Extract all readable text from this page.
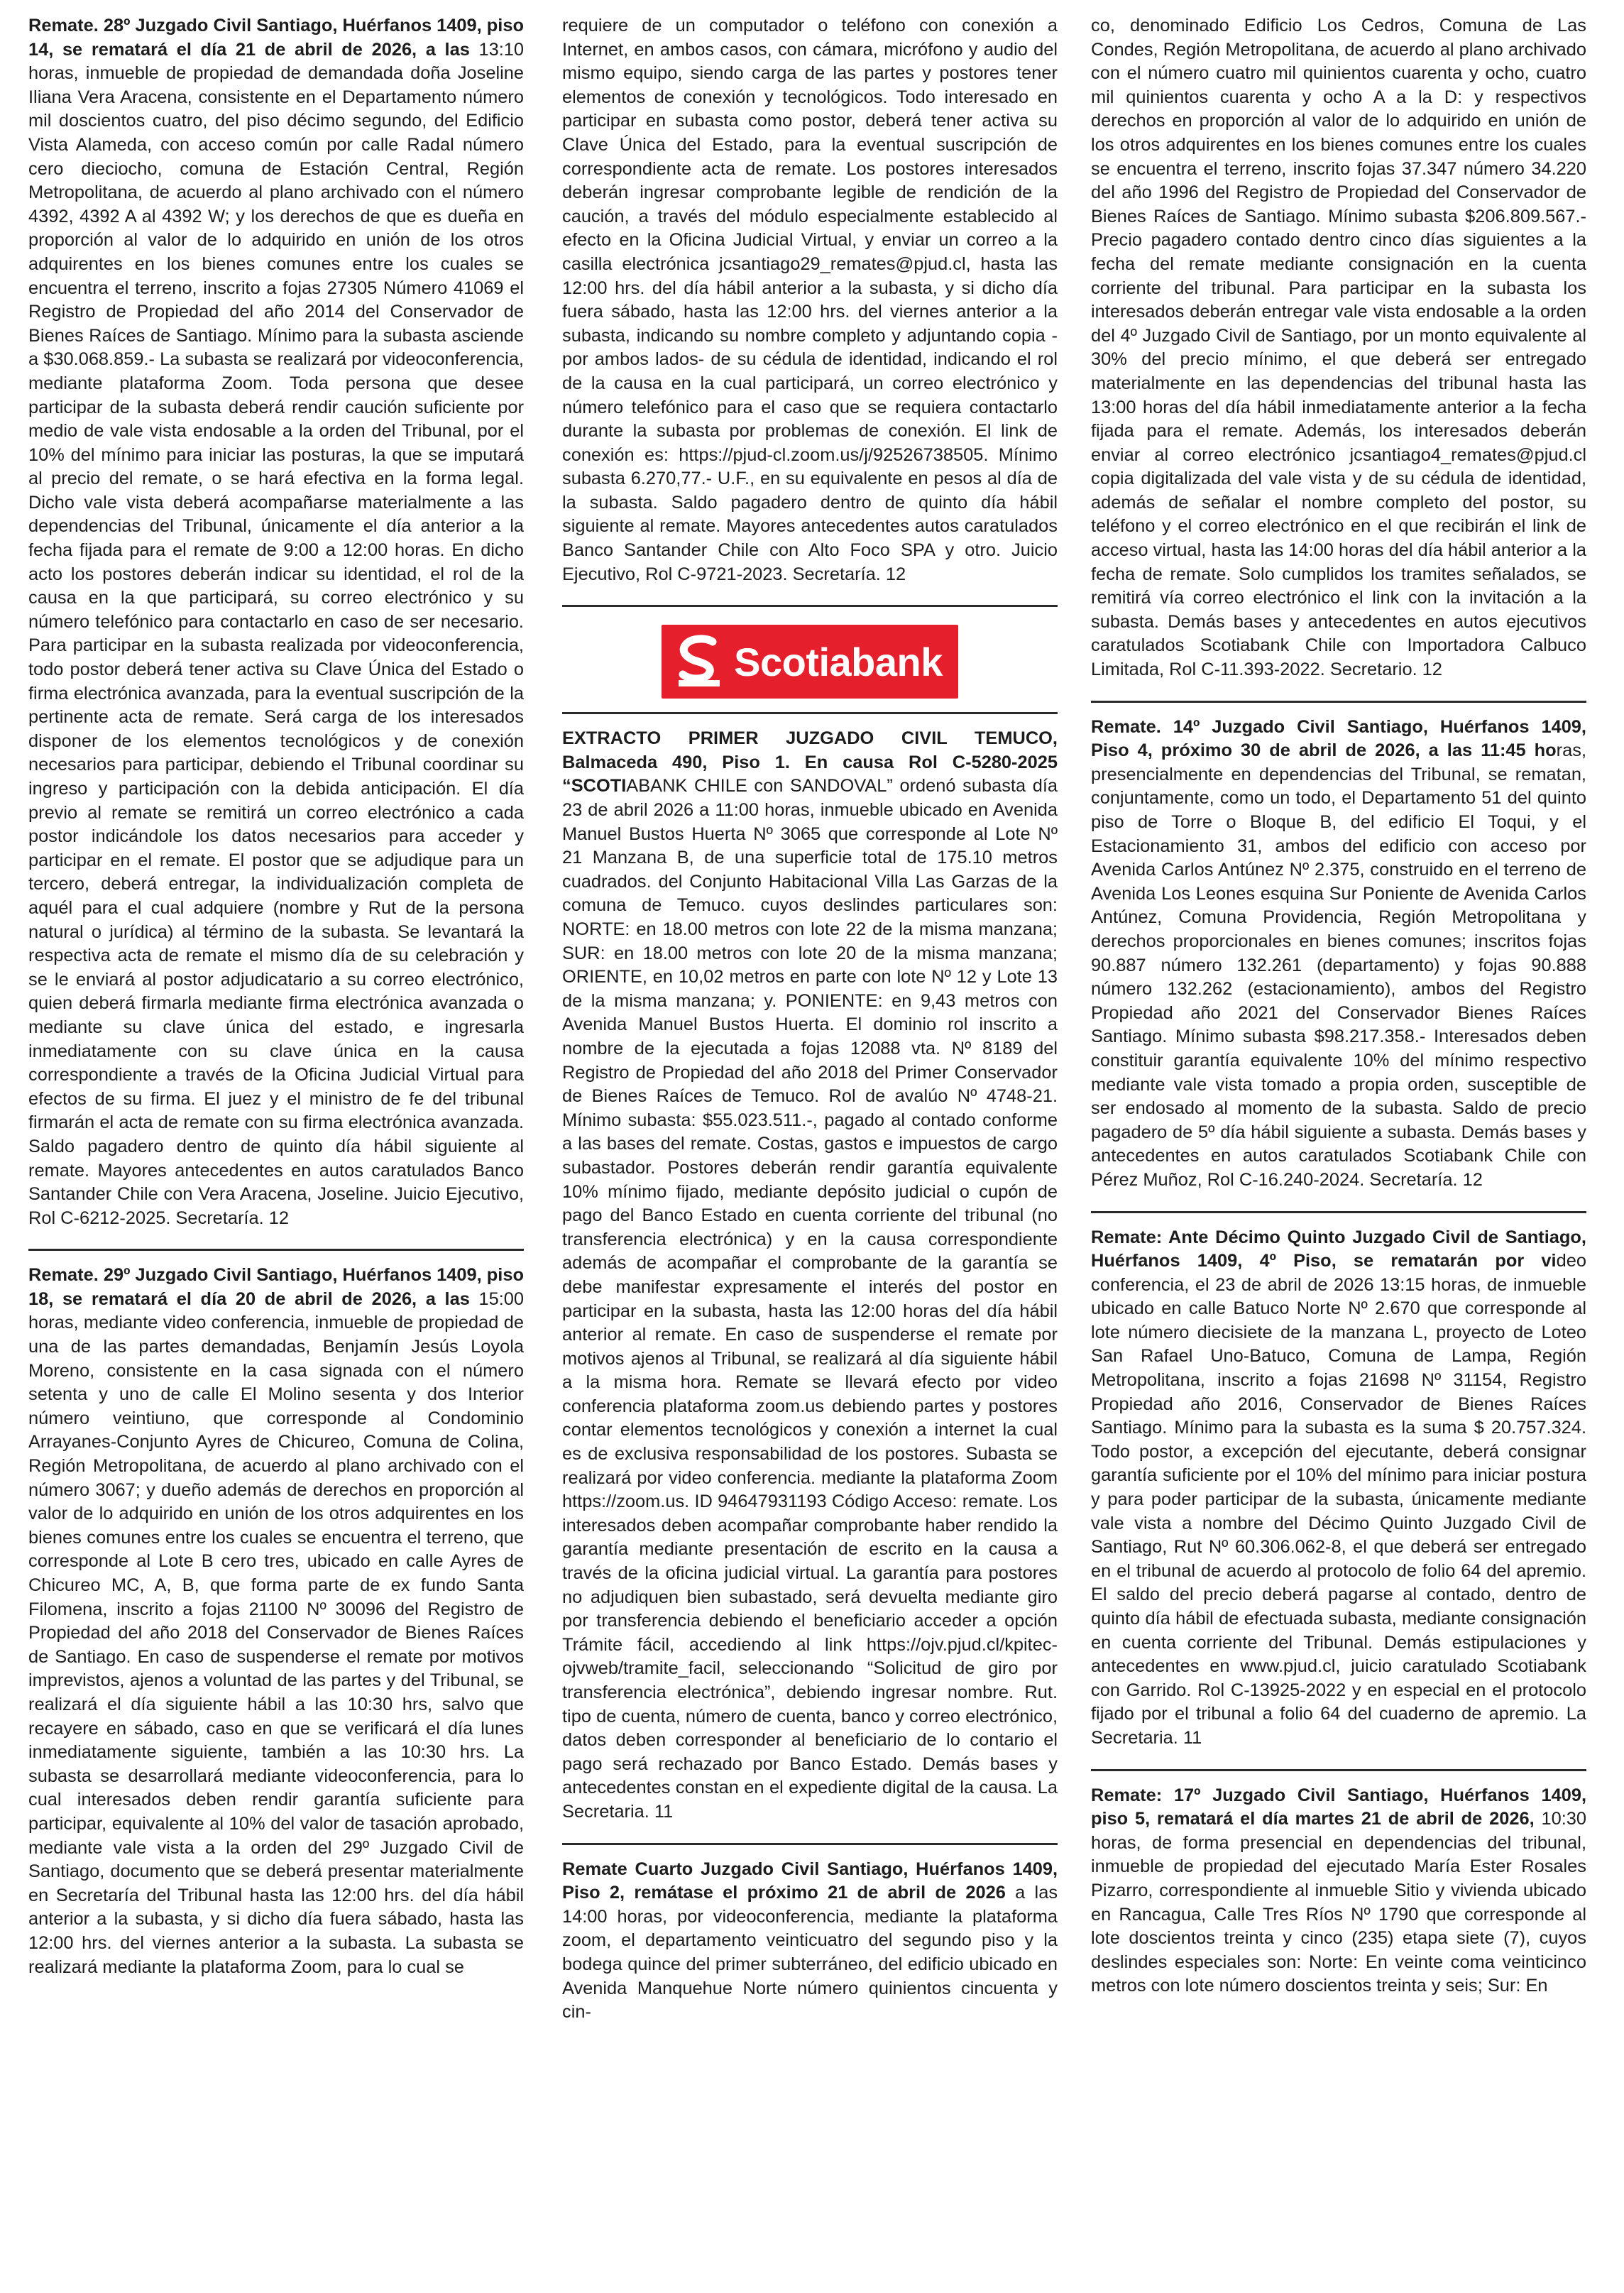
Remate. 28º Juzgado Civil Santiago, Huérfanos 1409, piso 14, se rematará el día 21 de abril de 2026, a las 13:10 horas, inmueble de propiedad de demandada doña Joseline Iliana Vera Aracena, consistente en el Departamento número mil doscientos cuatro, del piso décimo segundo, del Edificio Vista Alameda, con acceso común por calle Radal número cero dieciocho, comuna de Estación Central, Región Metropolitana, de acuerdo al plano archivado con el número 4392, 4392 A al 4392 W; y los derechos de que es dueña en proporción al valor de lo adquirido en unión de los otros adquirentes en los bienes comunes entre los cuales se encuentra el terreno, inscrito a fojas 27305 Número 41069 el Registro de Propiedad del año 2014 del Conservador de Bienes Raíces de Santiago. Mínimo para la subasta asciende a $30.068.859.- La subasta se realizará por videoconferencia, mediante plataforma Zoom. Toda persona que desee participar de la subasta deberá rendir caución suficiente por medio de vale vista endosable a la orden del Tribunal, por el 10% del mínimo para iniciar las posturas, la que se imputará al precio del remate, o se hará efectiva en la forma legal. Dicho vale vista deberá acompañarse materialmente a las dependencias del Tribunal, únicamente el día anterior a la fecha fijada para el remate de 9:00 a 12:00 horas. En dicho acto los postores deberán indicar su identidad, el rol de la causa en la que participará, su correo electrónico y su número telefónico para contactarlo en caso de ser necesario. Para participar en la subasta realizada por videoconferencia, todo postor deberá tener activa su Clave Única del Estado o firma electrónica avanzada, para la eventual suscripción de la pertinente acta de remate. Será carga de los interesados disponer de los elementos tecnológicos y de conexión necesarios para participar, debiendo el Tribunal coordinar su ingreso y participación con la debida anticipación. El día previo al remate se remitirá un correo electrónico a cada postor indicándole los datos necesarios para acceder y participar en el remate. El postor que se adjudique para un tercero, deberá entregar, la individualización completa de aquél para el cual adquiere (nombre y Rut de la persona natural o jurídica) al término de la subasta. Se levantará la respectiva acta de remate el mismo día de su celebración y se le enviará al postor adjudicatario a su correo electrónico, quien deberá firmarla mediante firma electrónica avanzada o mediante su clave única del estado, e ingresarla inmediatamente con su clave única en la causa correspondiente a través de la Oficina Judicial Virtual para efectos de su firma. El juez y el ministro de fe del tribunal firmarán el acta de remate con su firma electrónica avanzada. Saldo pagadero dentro de quinto día hábil siguiente al remate. Mayores antecedentes en autos caratulados Banco Santander Chile con Vera Aracena, Joseline. Juicio Ejecutivo, Rol C-6212-2025. Secretaría. 12

Remate. 29º Juzgado Civil Santiago, Huérfanos 1409, piso 18, se rematará el día 20 de abril de 2026, a las 15:00 horas, mediante video conferencia, inmueble de propiedad de una de las partes demandadas, Benjamín Jesús Loyola Moreno, consistente en la casa signada con el número setenta y uno de calle El Molino sesenta y dos Interior número veintiuno, que corresponde al Condominio Arrayanes-Conjunto Ayres de Chicureo, Comuna de Colina, Región Metropolitana, de acuerdo al plano archivado con el número 3067; y dueño además de derechos en proporción al valor de lo adquirido en unión de los otros adquirentes en los bienes comunes entre los cuales se encuentra el terreno, que corresponde al Lote B cero tres, ubicado en calle Ayres de Chicureo MC, A, B, que forma parte de ex fundo Santa Filomena, inscrito a fojas 21100 Nº 30096 del Registro de Propiedad del año 2018 del Conservador de Bienes Raíces de Santiago. En caso de suspenderse el remate por motivos imprevistos, ajenos a voluntad de las partes y del Tribunal, se realizará el día siguiente hábil a las 10:30 hrs, salvo que recayere en sábado, caso en que se verificará el día lunes inmediatamente siguiente, también a las 10:30 hrs. La subasta se desarrollará mediante videoconferencia, para lo cual interesados deben rendir garantía suficiente para participar, equivalente al 10% del valor de tasación aprobado, mediante vale vista a la orden del 29º Juzgado Civil de Santiago, documento que se deberá presentar materialmente en Secretaría del Tribunal hasta las 12:00 hrs. del día hábil anterior a la subasta, y si dicho día fuera sábado, hasta las 12:00 hrs. del viernes anterior a la subasta. La subasta se realizará mediante la plataforma Zoom, para lo cual se

requiere de un computador o teléfono con conexión a Internet, en ambos casos, con cámara, micrófono y audio del mismo equipo, siendo carga de las partes y postores tener elementos de conexión y tecnológicos. Todo interesado en participar en subasta como postor, deberá tener activa su Clave Única del Estado, para la eventual suscripción de correspondiente acta de remate. Los postores interesados deberán ingresar comprobante legible de rendición de la caución, a través del módulo especialmente establecido al efecto en la Oficina Judicial Virtual, y enviar un correo a la casilla electrónica jcsantiago29_remates@pjud.cl, hasta las 12:00 hrs. del día hábil anterior a la subasta, y si dicho día fuera sábado, hasta las 12:00 hrs. del viernes anterior a la subasta, indicando su nombre completo y adjuntando copia -por ambos lados- de su cédula de identidad, indicando el rol de la causa en la cual participará, un correo electrónico y número telefónico para el caso que se requiera contactarlo durante la subasta por problemas de conexión. El link de conexión es: https://pjud-cl.zoom.us/j/92526738505. Mínimo subasta 6.270,77.- U.F., en su equivalente en pesos al día de la subasta. Saldo pagadero dentro de quinto día hábil siguiente al remate. Mayores antecedentes autos caratulados Banco Santander Chile con Alto Foco SPA y otro. Juicio Ejecutivo, Rol C-9721-2023. Secretaría. 12

Scotiabank

EXTRACTO PRIMER JUZGADO CIVIL TEMUCO, Balmaceda 490, Piso 1. En causa Rol C-5280-2025 “SCOTIABANK CHILE con SANDOVAL” ordenó subasta día 23 de abril 2026 a 11:00 horas, inmueble ubicado en Avenida Manuel Bustos Huerta Nº 3065 que corresponde al Lote Nº 21 Manzana B, de una superficie total de 175.10 metros cuadrados. del Conjunto Habitacional Villa Las Garzas de la comuna de Temuco. cuyos deslindes particulares son: NORTE: en 18.00 metros con lote 22 de la misma manzana; SUR: en 18.00 metros con lote 20 de la misma manzana; ORIENTE, en 10,02 metros en parte con lote Nº 12 y Lote 13 de la misma manzana; y. PONIENTE: en 9,43 metros con Avenida Manuel Bustos Huerta. El dominio rol inscrito a nombre de la ejecutada a fojas 12088 vta. Nº 8189 del Registro de Propiedad del año 2018 del Primer Conservador de Bienes Raíces de Temuco. Rol de avalúo Nº 4748-21. Mínimo subasta: $55.023.511.-, pagado al contado conforme a las bases del remate. Costas, gastos e impuestos de cargo subastador. Postores deberán rendir garantía equivalente 10% mínimo fijado, mediante depósito judicial o cupón de pago del Banco Estado en cuenta corriente del tribunal (no transferencia electrónica) y en la causa correspondiente además de acompañar el comprobante de la garantía se debe manifestar expresamente el interés del postor en participar en la subasta, hasta las 12:00 horas del día hábil anterior al remate. En caso de suspenderse el remate por motivos ajenos al Tribunal, se realizará al día siguiente hábil a la misma hora. Remate se llevará efecto por video conferencia plataforma zoom.us debiendo partes y postores contar elementos tecnológicos y conexión a internet la cual es de exclusiva responsabilidad de los postores. Subasta se realizará por video conferencia. mediante la plataforma Zoom https://zoom.us. ID 94647931193 Código Acceso: remate. Los interesados deben acompañar comprobante haber rendido la garantía mediante presentación de escrito en la causa a través de la oficina judicial virtual. La garantía para postores no adjudiquen bien subastado, será devuelta mediante giro por transferencia debiendo el beneficiario acceder a opción Trámite fácil, accediendo al link https://ojv.pjud.cl/kpitec-ojvweb/tramite_facil, seleccionando “Solicitud de giro por transferencia electrónica”, debiendo ingresar nombre. Rut. tipo de cuenta, número de cuenta, banco y correo electrónico, datos deben corresponder al beneficiario de lo contario el pago será rechazado por Banco Estado. Demás bases y antecedentes constan en el expediente digital de la causa. La Secretaria. 11

Remate Cuarto Juzgado Civil Santiago, Huérfanos 1409, Piso 2, remátase el próximo 21 de abril de 2026 a las 14:00 horas, por videoconferencia, mediante la plataforma zoom, el departamento veinticuatro del segundo piso y la bodega quince del primer subterráneo, del edificio ubicado en Avenida Manquehue Norte número quinientos cincuenta y cin-

co, denominado Edificio Los Cedros, Comuna de Las Condes, Región Metropolitana, de acuerdo al plano archivado con el número cuatro mil quinientos cuarenta y ocho, cuatro mil quinientos cuarenta y ocho A a la D: y respectivos derechos en proporción al valor de lo adquirido en unión de los otros adquirentes en los bienes comunes entre los cuales se encuentra el terreno, inscrito fojas 37.347 número 34.220 del año 1996 del Registro de Propiedad del Conservador de Bienes Raíces de Santiago. Mínimo subasta $206.809.567.- Precio pagadero contado dentro cinco días siguientes a la fecha del remate mediante consignación en la cuenta corriente del tribunal. Para participar en la subasta los interesados deberán entregar vale vista endosable a la orden del 4º Juzgado Civil de Santiago, por un monto equivalente al 30% del precio mínimo, el que deberá ser entregado materialmente en las dependencias del tribunal hasta las 13:00 horas del día hábil inmediatamente anterior a la fecha fijada para el remate. Además, los interesados deberán enviar al correo electrónico jcsantiago4_remates@pjud.cl copia digitalizada del vale vista y de su cédula de identidad, además de señalar el nombre completo del postor, su teléfono y el correo electrónico en el que recibirán el link de acceso virtual, hasta las 14:00 horas del día hábil anterior a la fecha de remate. Solo cumplidos los tramites señalados, se remitirá vía correo electrónico el link con la invitación a la subasta. Demás bases y antecedentes en autos ejecutivos caratulados Scotiabank Chile con Importadora Calbuco Limitada, Rol C-11.393-2022. Secretario. 12

Remate. 14º Juzgado Civil Santiago, Huérfanos 1409, Piso 4, próximo 30 de abril de 2026, a las 11:45 horas, presencialmente en dependencias del Tribunal, se rematan, conjuntamente, como un todo, el Departamento 51 del quinto piso de Torre o Bloque B, del edificio El Toqui, y el Estacionamiento 31, ambos del edificio con acceso por Avenida Carlos Antúnez Nº 2.375, construido en el terreno de Avenida Los Leones esquina Sur Poniente de Avenida Carlos Antúnez, Comuna Providencia, Región Metropolitana y derechos proporcionales en bienes comunes; inscritos fojas 90.887 número 132.261 (departamento) y fojas 90.888 número 132.262 (estacionamiento), ambos del Registro Propiedad año 2021 del Conservador Bienes Raíces Santiago. Mínimo subasta $98.217.358.- Interesados deben constituir garantía equivalente 10% del mínimo respectivo mediante vale vista tomado a propia orden, susceptible de ser endosado al momento de la subasta. Saldo de precio pagadero de 5º día hábil siguiente a subasta. Demás bases y antecedentes en autos caratulados Scotiabank Chile con Pérez Muñoz, Rol C-16.240-2024. Secretaría. 12

Remate: Ante Décimo Quinto Juzgado Civil de Santiago, Huérfanos 1409, 4º Piso, se rematarán por video conferencia, el 23 de abril de 2026 13:15 horas, de inmueble ubicado en calle Batuco Norte Nº 2.670 que corresponde al lote número diecisiete de la manzana L, proyecto de Loteo San Rafael Uno-Batuco, Comuna de Lampa, Región Metropolitana, inscrito a fojas 21698 Nº 31154, Registro Propiedad año 2016, Conservador de Bienes Raíces Santiago. Mínimo para la subasta es la suma $ 20.757.324. Todo postor, a excepción del ejecutante, deberá consignar garantía suficiente por el 10% del mínimo para iniciar postura y para poder participar de la subasta, únicamente mediante vale vista a nombre del Décimo Quinto Juzgado Civil de Santiago, Rut Nº 60.306.062-8, el que deberá ser entregado en el tribunal de acuerdo al protocolo de folio 64 del apremio. El saldo del precio deberá pagarse al contado, dentro de quinto día hábil de efectuada subasta, mediante consignación en cuenta corriente del Tribunal. Demás estipulaciones y antecedentes en www.pjud.cl, juicio caratulado Scotiabank con Garrido. Rol C-13925-2022 y en especial en el protocolo fijado por el tribunal a folio 64 del cuaderno de apremio. La Secretaria. 11

Remate: 17º Juzgado Civil Santiago, Huérfanos 1409, piso 5, rematará el día martes 21 de abril de 2026, 10:30 horas, de forma presencial en dependencias del tribunal, inmueble de propiedad del ejecutado María Ester Rosales Pizarro, correspondiente al inmueble Sitio y vivienda ubicado en Rancagua, Calle Tres Ríos Nº 1790 que corresponde al lote doscientos treinta y cinco (235) etapa siete (7), cuyos deslindes especiales son: Norte: En veinte coma veinticinco metros con lote número doscientos treinta y seis; Sur: En
